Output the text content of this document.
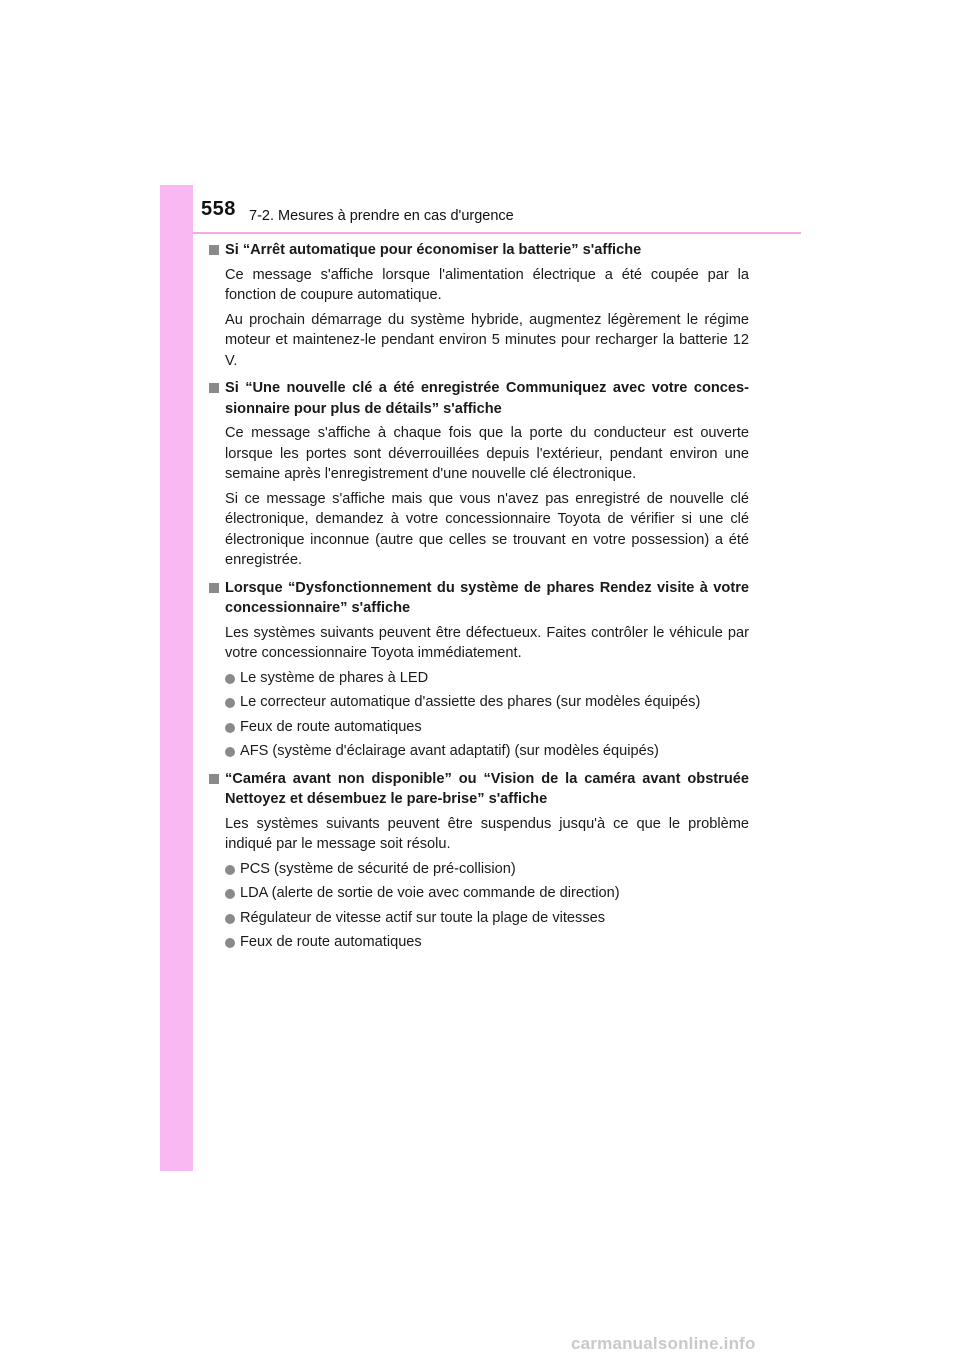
558 7-2. Mesures à prendre en cas d'urgence
Si “Arrêt automatique pour économiser la batterie” s'affiche
Ce message s'affiche lorsque l'alimentation électrique a été coupée par la fonction de coupure automatique.
Au prochain démarrage du système hybride, augmentez légèrement le régime moteur et maintenez-le pendant environ 5 minutes pour recharger la batterie 12 V.
Si “Une nouvelle clé a été enregistrée Communiquez avec votre concessionnaire pour plus de détails” s'affiche
Ce message s'affiche à chaque fois que la porte du conducteur est ouverte lorsque les portes sont déverrouillées depuis l'extérieur, pendant environ une semaine après l'enregistrement d'une nouvelle clé électronique.
Si ce message s'affiche mais que vous n'avez pas enregistré de nouvelle clé électronique, demandez à votre concessionnaire Toyota de vérifier si une clé électronique inconnue (autre que celles se trouvant en votre possession) a été enregistrée.
Lorsque “Dysfonctionnement du système de phares Rendez visite à votre concessionnaire” s'affiche
Les systèmes suivants peuvent être défectueux. Faites contrôler le véhicule par votre concessionnaire Toyota immédiatement.
Le système de phares à LED
Le correcteur automatique d'assiette des phares (sur modèles équipés)
Feux de route automatiques
AFS (système d'éclairage avant adaptatif) (sur modèles équipés)
“Caméra avant non disponible” ou “Vision de la caméra avant obstruée Nettoyez et désembuez le pare-brise” s'affiche
Les systèmes suivants peuvent être suspendus jusqu'à ce que le problème indiqué par le message soit résolu.
PCS (système de sécurité de pré-collision)
LDA (alerte de sortie de voie avec commande de direction)
Régulateur de vitesse actif sur toute la plage de vitesses
Feux de route automatiques
carmanualsonline.info
